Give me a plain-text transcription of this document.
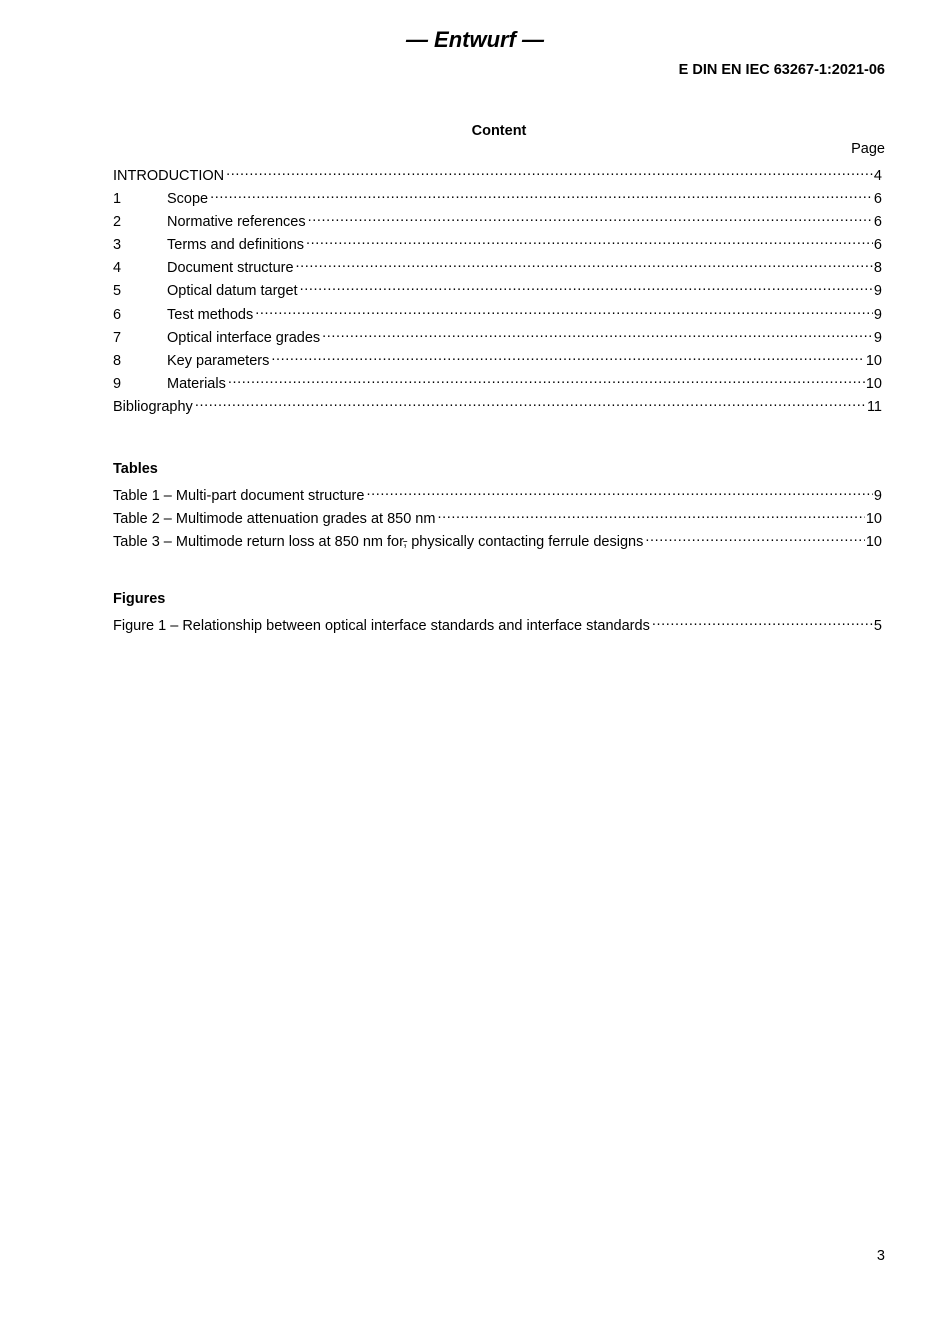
— Entwurf —
E DIN EN IEC 63267-1:2021-06
Content
Page
INTRODUCTION .....	4
1	Scope .....	6
2	Normative references .....	6
3	Terms and definitions .....	6
4	Document structure .....	8
5	Optical datum target .....	9
6	Test methods .....	9
7	Optical interface grades .....	9
8	Key parameters .....	10
9	Materials .....	10
Bibliography .....	11
Tables
Table 1 – Multi-part document structure .....	9
Table 2 – Multimode attenuation grades at 850 nm .....	10
Table 3 – Multimode return loss at 850 nm for, physically contacting ferrule designs .....	10
Figures
Figure 1 – Relationship between optical interface standards and interface standards .....	5
3
